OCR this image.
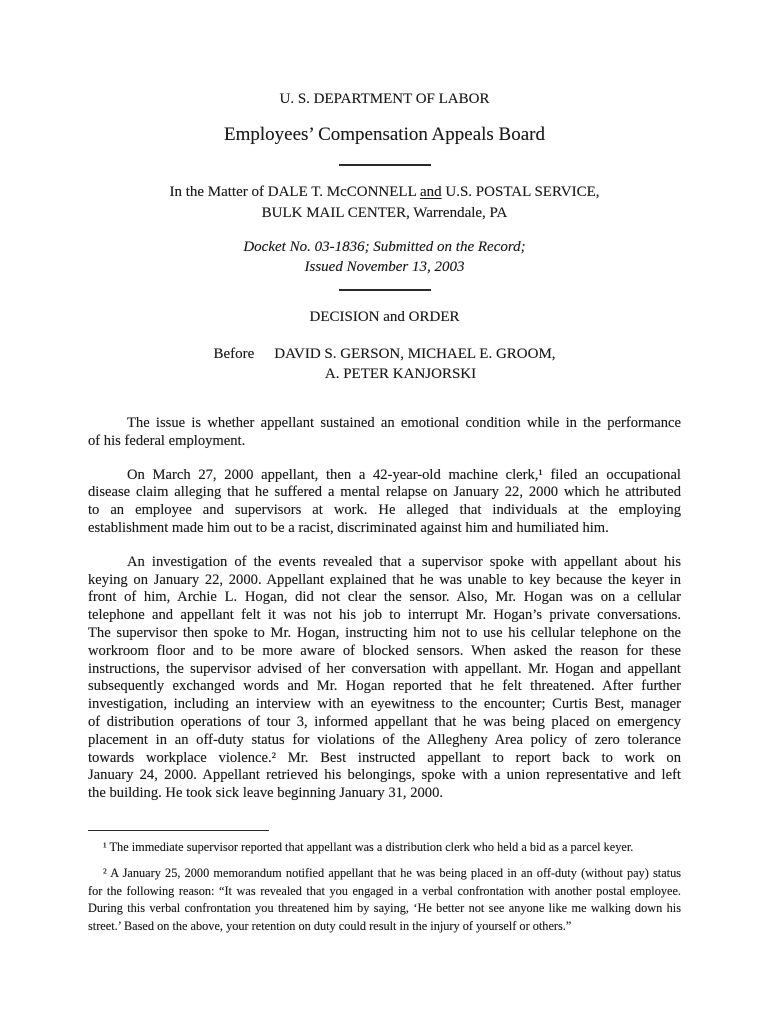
U. S. DEPARTMENT OF LABOR
Employees’ Compensation Appeals Board
In the Matter of DALE T. McCONNELL and U.S. POSTAL SERVICE,
BULK MAIL CENTER, Warrendale, PA
Docket No. 03-1836; Submitted on the Record;
Issued November 13, 2003
DECISION and ORDER
Before DAVID S. GERSON, MICHAEL E. GROOM,
A. PETER KANJORSKI
The issue is whether appellant sustained an emotional condition while in the performance
of his federal employment.
On March 27, 2000 appellant, then a 42-year-old machine clerk,¹ filed an occupational
disease claim alleging that he suffered a mental relapse on January 22, 2000 which he attributed
to an employee and supervisors at work. He alleged that individuals at the employing
establishment made him out to be a racist, discriminated against him and humiliated him.
An investigation of the events revealed that a supervisor spoke with appellant about his
keying on January 22, 2000. Appellant explained that he was unable to key because the keyer in
front of him, Archie L. Hogan, did not clear the sensor. Also, Mr. Hogan was on a cellular
telephone and appellant felt it was not his job to interrupt Mr. Hogan’s private conversations.
The supervisor then spoke to Mr. Hogan, instructing him not to use his cellular telephone on the
workroom floor and to be more aware of blocked sensors. When asked the reason for these
instructions, the supervisor advised of her conversation with appellant. Mr. Hogan and appellant
subsequently exchanged words and Mr. Hogan reported that he felt threatened. After further
investigation, including an interview with an eyewitness to the encounter; Curtis Best, manager
of distribution operations of tour 3, informed appellant that he was being placed on emergency
placement in an off-duty status for violations of the Allegheny Area policy of zero tolerance
towards workplace violence.² Mr. Best instructed appellant to report back to work on
January 24, 2000. Appellant retrieved his belongings, spoke with a union representative and left
the building. He took sick leave beginning January 31, 2000.
¹ The immediate supervisor reported that appellant was a distribution clerk who held a bid as a parcel keyer.
² A January 25, 2000 memorandum notified appellant that he was being placed in an off-duty (without pay) status
for the following reason: “It was revealed that you engaged in a verbal confrontation with another postal employee.
During this verbal confrontation you threatened him by saying, ‘He better not see anyone like me walking down his
street.’ Based on the above, your retention on duty could result in the injury of yourself or others.”
